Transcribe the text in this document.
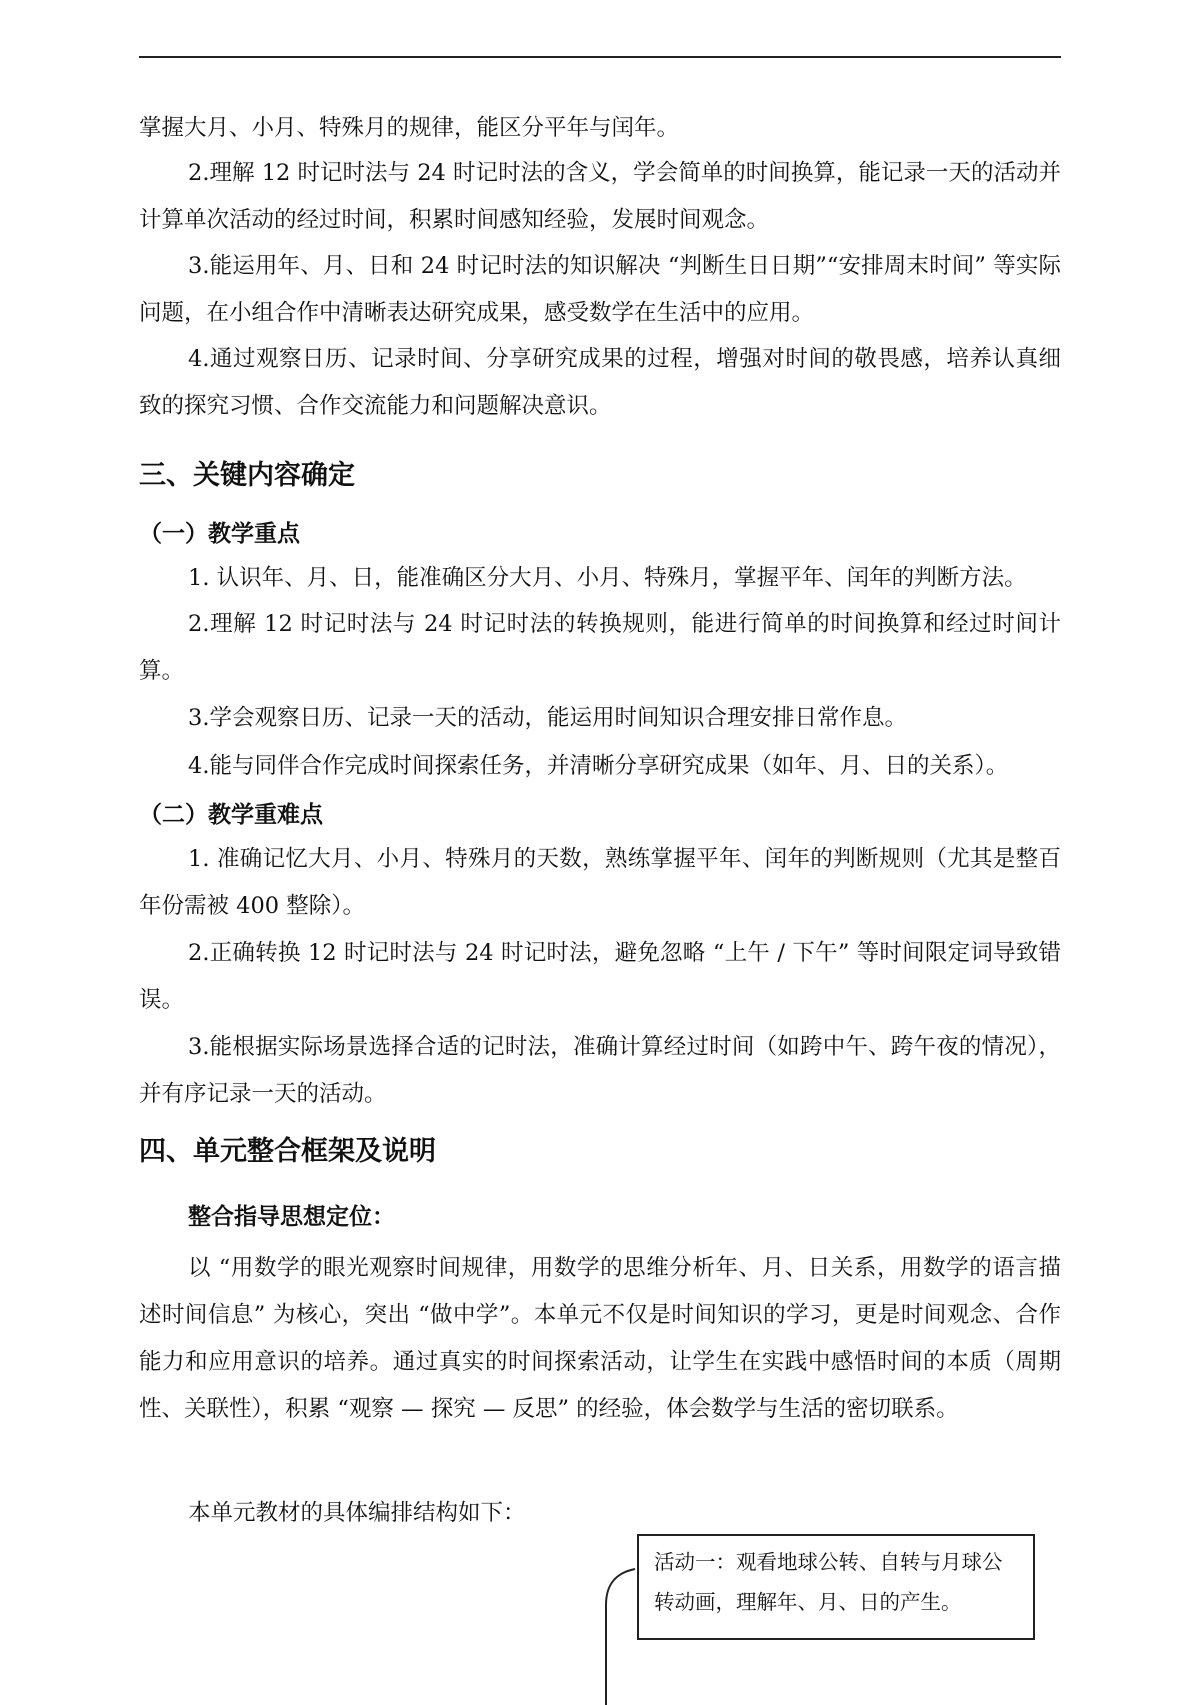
掌握大月、小月、特殊月的规律，能区分平年与闰年。
2.理解 12 时记时法与 24 时记时法的含义，学会简单的时间换算，能记录一天的活动并计算单次活动的经过时间，积累时间感知经验，发展时间观念。
3.能运用年、月、日和 24 时记时法的知识解决 “判断生日日期”“安排周末时间” 等实际问题，在小组合作中清晰表达研究成果，感受数学在生活中的应用。
4.通过观察日历、记录时间、分享研究成果的过程，增强对时间的敬畏感，培养认真细致的探究习惯、合作交流能力和问题解决意识。
三、关键内容确定
（一）教学重点
1. 认识年、月、日，能准确区分大月、小月、特殊月，掌握平年、闰年的判断方法。
2.理解 12 时记时法与 24 时记时法的转换规则，能进行简单的时间换算和经过时间计算。
3.学会观察日历、记录一天的活动，能运用时间知识合理安排日常作息。
4.能与同伴合作完成时间探索任务，并清晰分享研究成果（如年、月、日的关系）。
（二）教学重难点
1. 准确记忆大月、小月、特殊月的天数，熟练掌握平年、闰年的判断规则（尤其是整百年份需被 400 整除）。
2.正确转换 12 时记时法与 24 时记时法，避免忽略 “上午 / 下午” 等时间限定词导致错误。
3.能根据实际场景选择合适的记时法，准确计算经过时间（如跨中午、跨午夜的情况），并有序记录一天的活动。
四、单元整合框架及说明
整合指导思想定位：
以 “用数学的眼光观察时间规律，用数学的思维分析年、月、日关系，用数学的语言描述时间信息” 为核心，突出 “做中学”。本单元不仅是时间知识的学习，更是时间观念、合作能力和应用意识的培养。通过真实的时间探索活动，让学生在实践中感悟时间的本质（周期性、关联性），积累 “观察 — 探究 — 反思” 的经验，体会数学与生活的密切联系。
本单元教材的具体编排结构如下：
活动一：观看地球公转、自转与月球公转动画，理解年、月、日的产生。
